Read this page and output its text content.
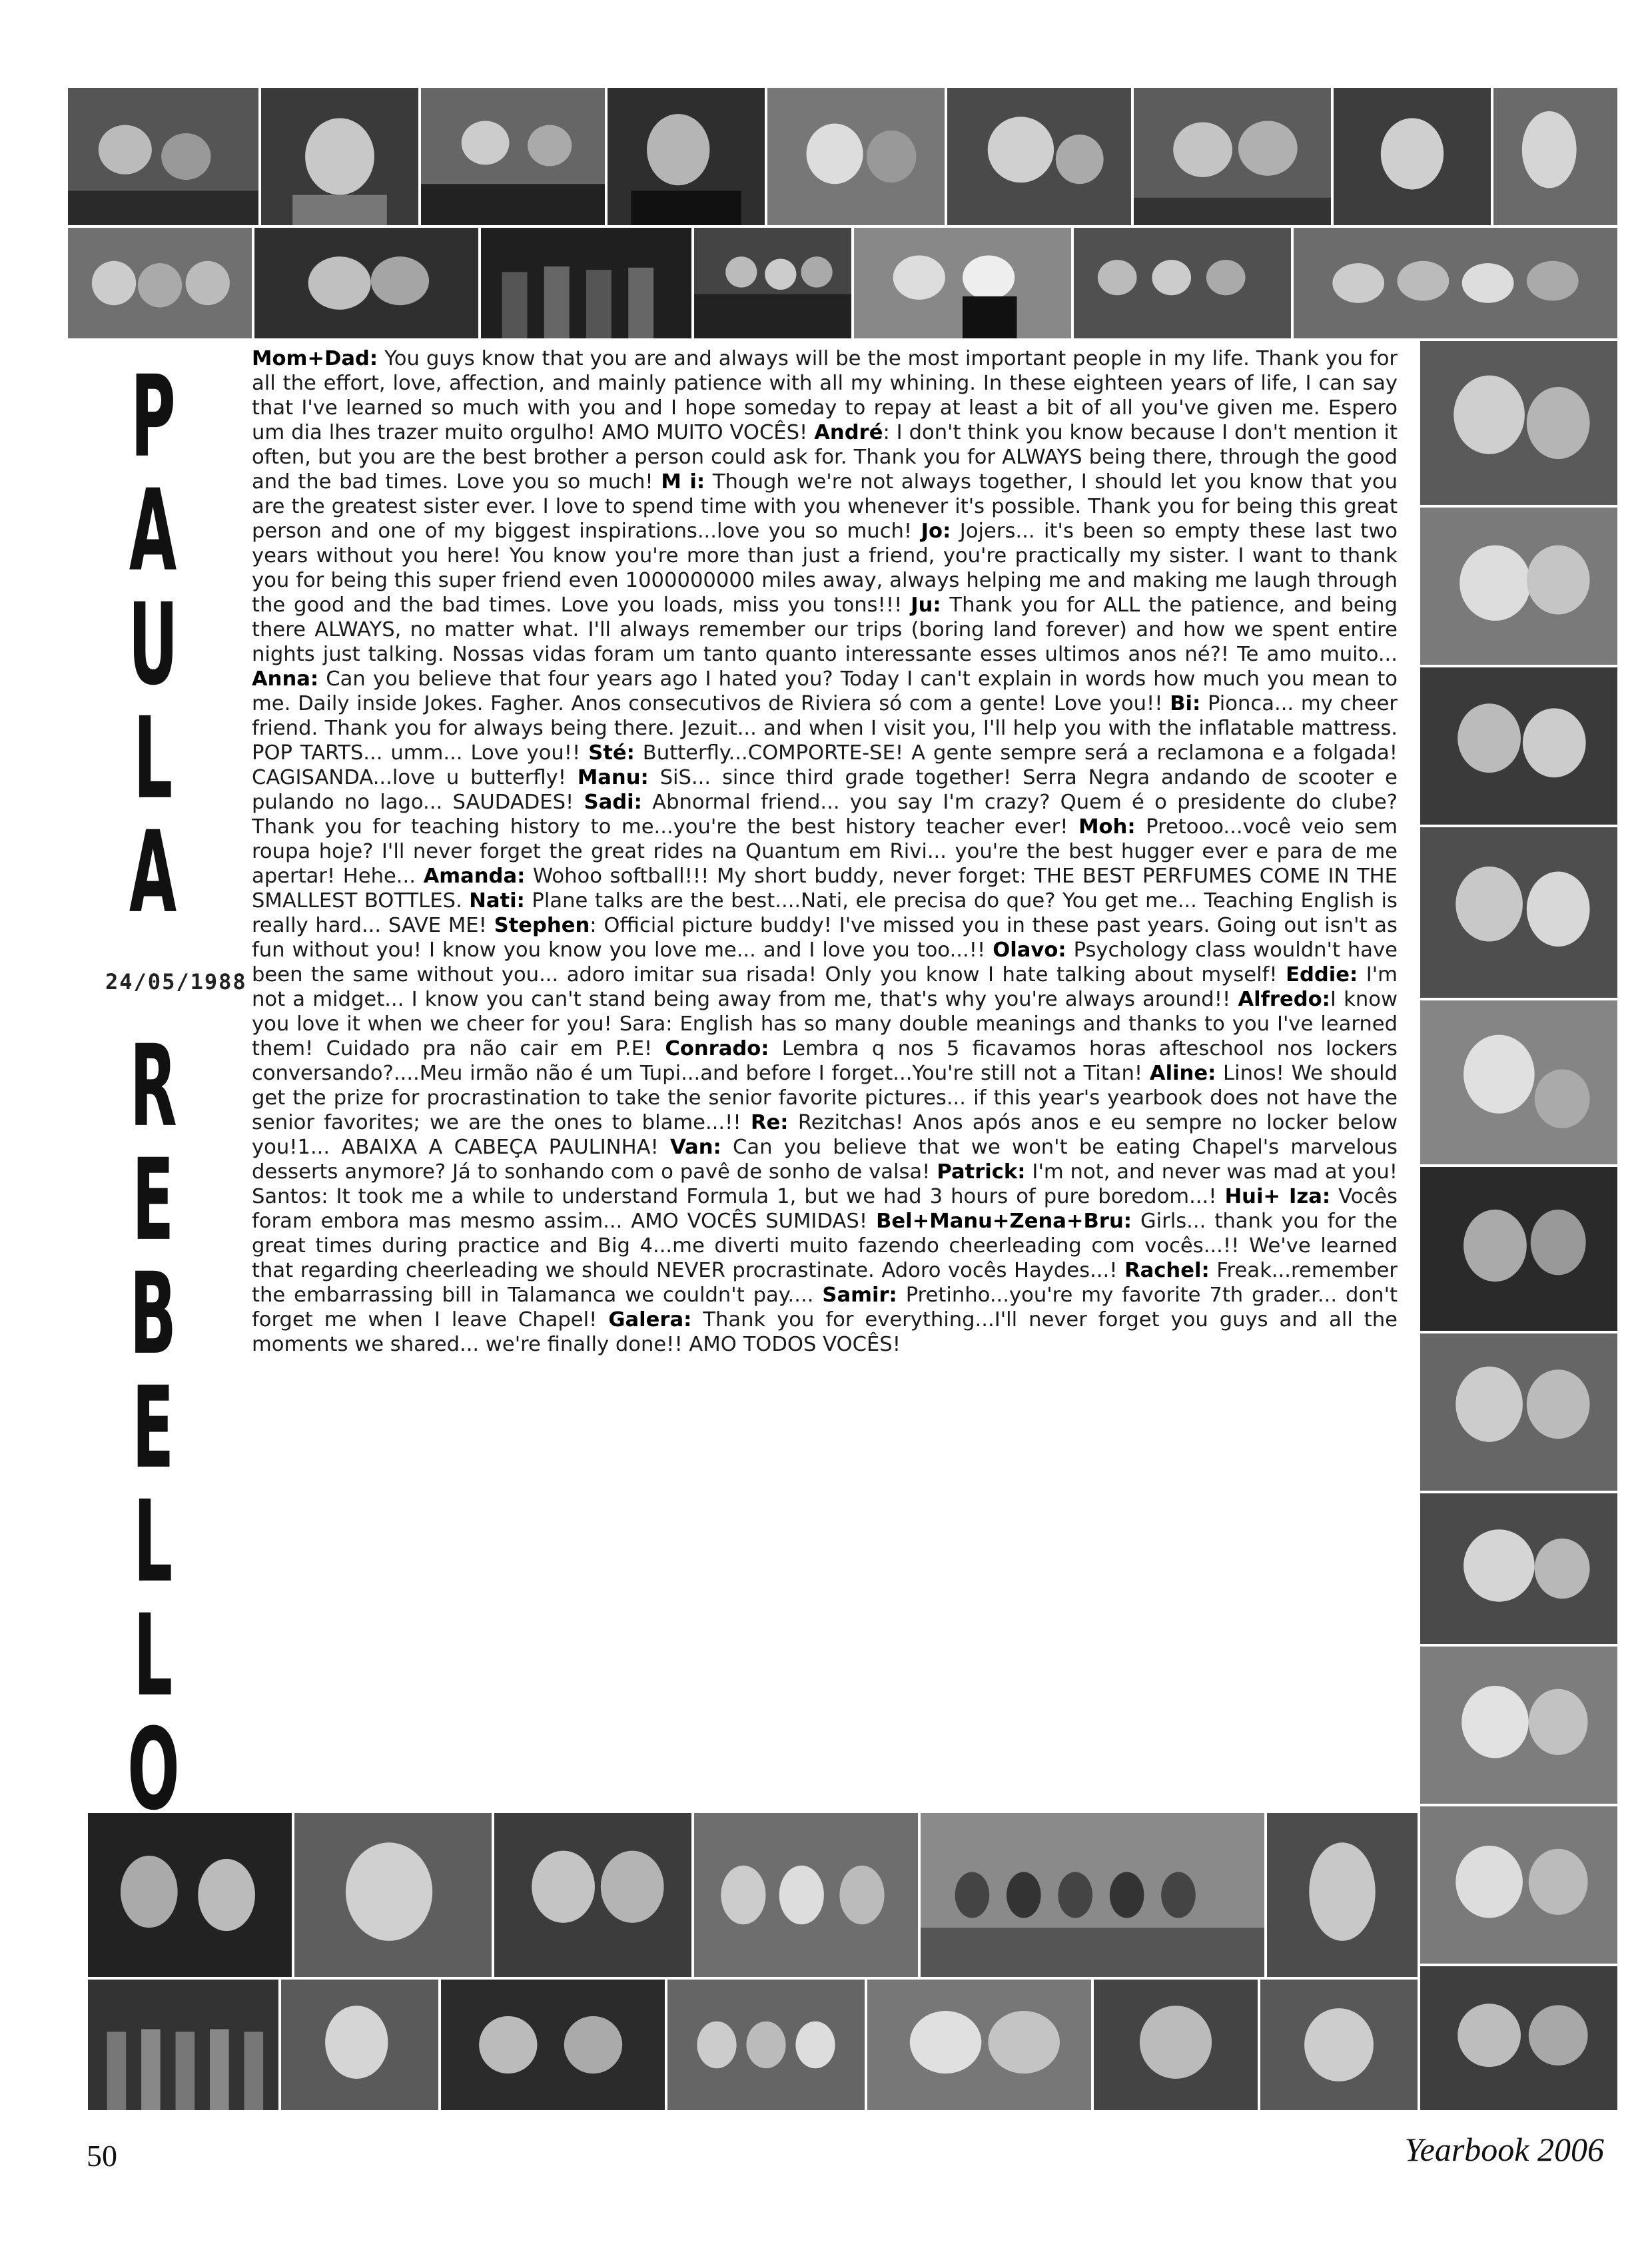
P
A
U
L
A
R
E
B
E
L
L
O
24/05/1988
Mom+Dad: You guys know that you are and always will be the most important people in my life. Thank you for all the effort, love, affection, and mainly patience with all my whining. In these eighteen years of life, I can say that I've learned so much with you and I hope someday to repay at least a bit of all you've given me. Espero um dia lhes trazer muito orgulho! AMO MUITO VOCÊS! André: I don't think you know because I don't mention it often, but you are the best brother a person could ask for. Thank you for ALWAYS being there, through the good and the bad times. Love you so much! M i: Though we're not always together, I should let you know that you are the greatest sister ever. I love to spend time with you whenever it's possible. Thank you for being this great person and one of my biggest inspirations...love you so much! Jo: Jojers... it's been so empty these last two years without you here! You know you're more than just a friend, you're practically my sister. I want to thank you for being this super friend even 1000000000 miles away, always helping me and making me laugh through the good and the bad times. Love you loads, miss you tons!!! Ju: Thank you for ALL the patience, and being there ALWAYS, no matter what. I'll always remember our trips (boring land forever) and how we spent entire nights just talking. Nossas vidas foram um tanto quanto interessante esses ultimos anos né?! Te amo muito... Anna: Can you believe that four years ago I hated you? Today I can't explain in words how much you mean to me. Daily inside Jokes. Fagher. Anos consecutivos de Riviera só com a gente! Love you!! Bi: Pionca... my cheer friend. Thank you for always being there. Jezuit... and when I visit you, I'll help you with the inflatable mattress. POP TARTS... umm... Love you!! Sté: Butterfly...COMPORTE-SE! A gente sempre será a reclamona e a folgada! CAGISANDA...love u butterfly! Manu: SiS... since third grade together! Serra Negra andando de scooter e pulando no lago... SAUDADES! Sadi: Abnormal friend... you say I'm crazy? Quem é o presidente do clube? Thank you for teaching history to me...you're the best history teacher ever! Moh: Pretooo...você veio sem roupa hoje? I'll never forget the great rides na Quantum em Rivi... you're the best hugger ever e para de me apertar! Hehe... Amanda: Wohoo softball!!! My short buddy, never forget: THE BEST PERFUMES COME IN THE SMALLEST BOTTLES. Nati: Plane talks are the best....Nati, ele precisa do que? You get me... Teaching English is really hard... SAVE ME! Stephen: Official picture buddy! I've missed you in these past years. Going out isn't as fun without you! I know you know you love me... and I love you too...!! Olavo: Psychology class wouldn't have been the same without you... adoro imitar sua risada! Only you know I hate talking about myself! Eddie: I'm not a midget... I know you can't stand being away from me, that's why you're always around!! Alfredo:I know you love it when we cheer for you! Sara: English has so many double meanings and thanks to you I've learned them! Cuidado pra não cair em P.E! Conrado: Lembra q nos 5 ficavamos horas afteschool nos lockers conversando?....Meu irmão não é um Tupi...and before I forget...You're still not a Titan! Aline: Linos! We should get the prize for procrastination to take the senior favorite pictures... if this year's yearbook does not have the senior favorites; we are the ones to blame...!! Re: Rezitchas! Anos após anos e eu sempre no locker below you!1... ABAIXA A CABEÇA PAULINHA! Van: Can you believe that we won't be eating Chapel's marvelous desserts anymore? Já to sonhando com o pavê de sonho de valsa! Patrick: I'm not, and never was mad at you! Santos: It took me a while to understand Formula 1, but we had 3 hours of pure boredom...! Hui+ Iza: Vocês foram embora mas mesmo assim... AMO VOCÊS SUMIDAS! Bel+Manu+Zena+Bru: Girls... thank you for the great times during practice and Big 4...me diverti muito fazendo cheerleading com vocês...!! We've learned that regarding cheerleading we should NEVER procrastinate. Adoro vocês Haydes...! Rachel: Freak...remember the embarrassing bill in Talamanca we couldn't pay.... Samir: Pretinho...you're my favorite 7th grader... don't forget me when I leave Chapel! Galera: Thank you for everything...I'll never forget you guys and all the moments we shared... we're finally done!! AMO TODOS VOCÊS!
50	Yearbook 2006
